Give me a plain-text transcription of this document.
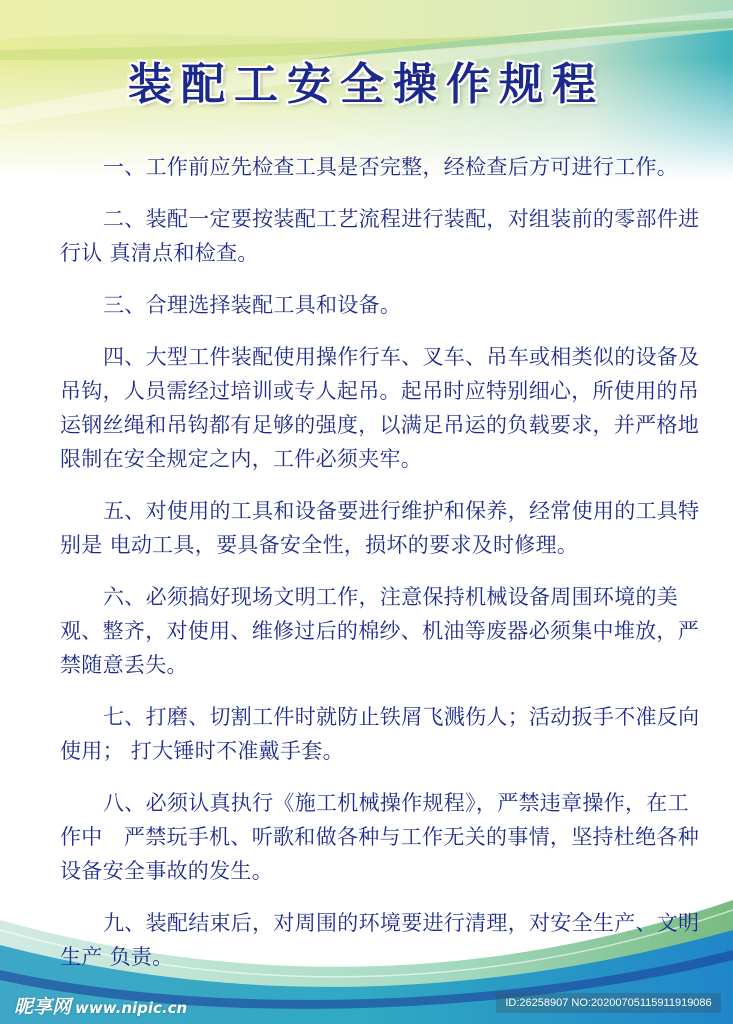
装配工安全操作规程

一、工作前应先检查工具是否完整，经检查后方可进行工作。

二、装配一定要按装配工艺流程进行装配，对组装前的零部件进行认 真清点和检查。

三、合理选择装配工具和设备。

四、大型工件装配使用操作行车、叉车、吊车或相类似的设备及吊钩，人员需经过培训或专人起吊。起吊时应特别细心，所使用的吊运钢丝绳和吊钩都有足够的强度，以满足吊运的负载要求，并严格地限制在安全规定之内，工件必须夹牢。

五、对使用的工具和设备要进行维护和保养，经常使用的工具特别是 电动工具，要具备安全性，损坏的要求及时修理。

六、必须搞好现场文明工作，注意保持机械设备周围环境的美观、整齐，对使用、维修过后的棉纱、机油等废器必须集中堆放，严禁随意丢失。

七、打磨、切割工件时就防止铁屑飞溅伤人；活动扳手不准反向使用； 打大锤时不准戴手套。

八、必须认真执行《施工机械操作规程》，严禁违章操作，在工作中　严禁玩手机、听歌和做各种与工作无关的事情，坚持杜绝各种设备安全事故的发生。

九、装配结束后，对周围的环境要进行清理，对安全生产、文明生产 负责。

昵享网 www.nipic.cn	ID:26258907 NO:20200705115911919086
